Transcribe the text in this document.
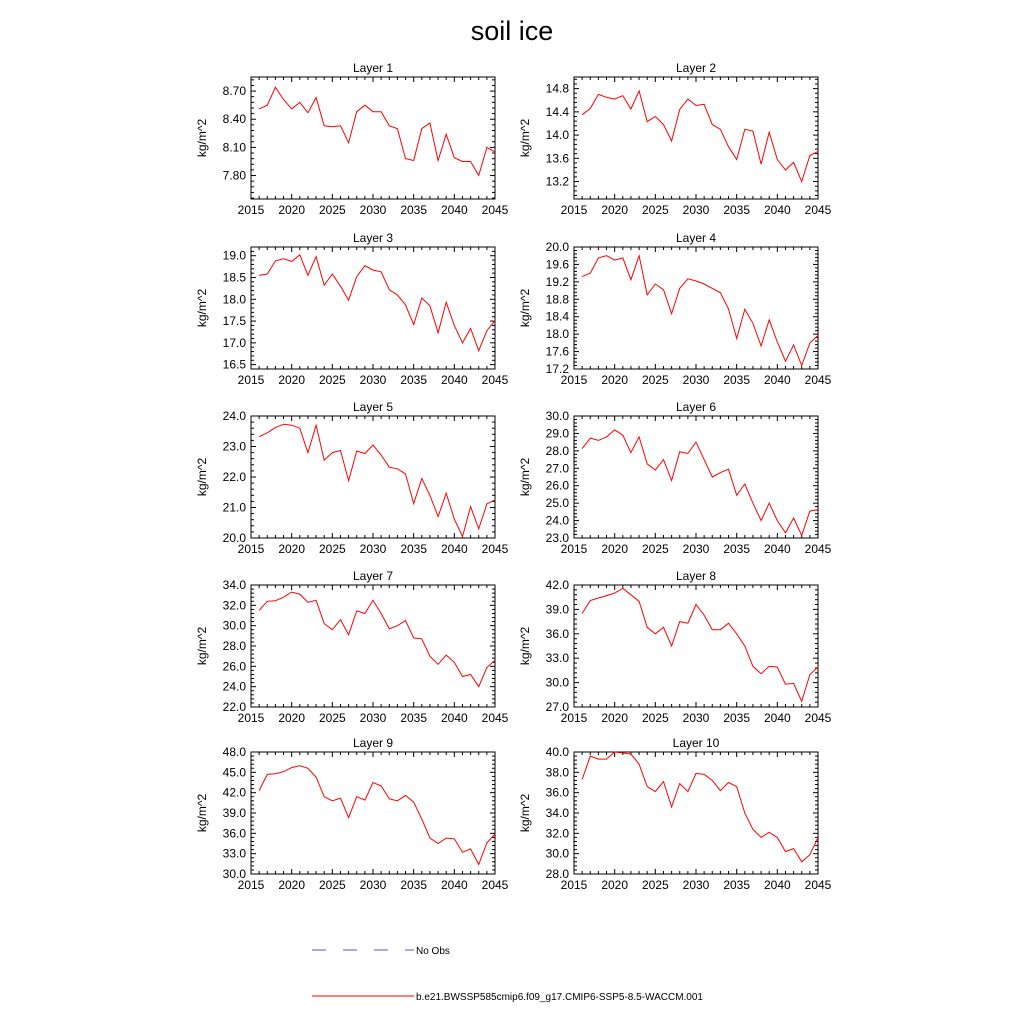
soil ice
Layer 1
kg/m^2
2015 2020 2025 2030 2035 2040 2045
7.80
8.10
8.40
8.70
Layer 2
kg/m^2
2015 2020 2025 2030 2035 2040 2045
13.2
13.6
14.0
14.4
14.8
Layer 3
kg/m^2
2015 2020 2025 2030 2035 2040 2045
16.5
17.0
17.5
18.0
18.5
19.0
Layer 4
kg/m^2
2015 2020 2025 2030 2035 2040 2045
17.2
17.6
18.0
18.4
18.8
19.2
19.6
20.0
Layer 5
kg/m^2
2015 2020 2025 2030 2035 2040 2045
20.0
21.0
22.0
23.0
24.0
Layer 6
kg/m^2
2015 2020 2025 2030 2035 2040 2045
23.0
24.0
25.0
26.0
27.0
28.0
29.0
30.0
Layer 7
kg/m^2
2015 2020 2025 2030 2035 2040 2045
22.0
24.0
26.0
28.0
30.0
32.0
34.0
Layer 8
kg/m^2
2015 2020 2025 2030 2035 2040 2045
27.0
30.0
33.0
36.0
39.0
42.0
Layer 9
kg/m^2
2015 2020 2025 2030 2035 2040 2045
30.0
33.0
36.0
39.0
42.0
45.0
48.0
Layer 10
kg/m^2
2015 2020 2025 2030 2035 2040 2045
28.0
30.0
32.0
34.0
36.0
38.0
40.0
No Obs
b.e21.BWSSP585cmip6.f09_g17.CMIP6-SSP5-8.5-WACCM.001
